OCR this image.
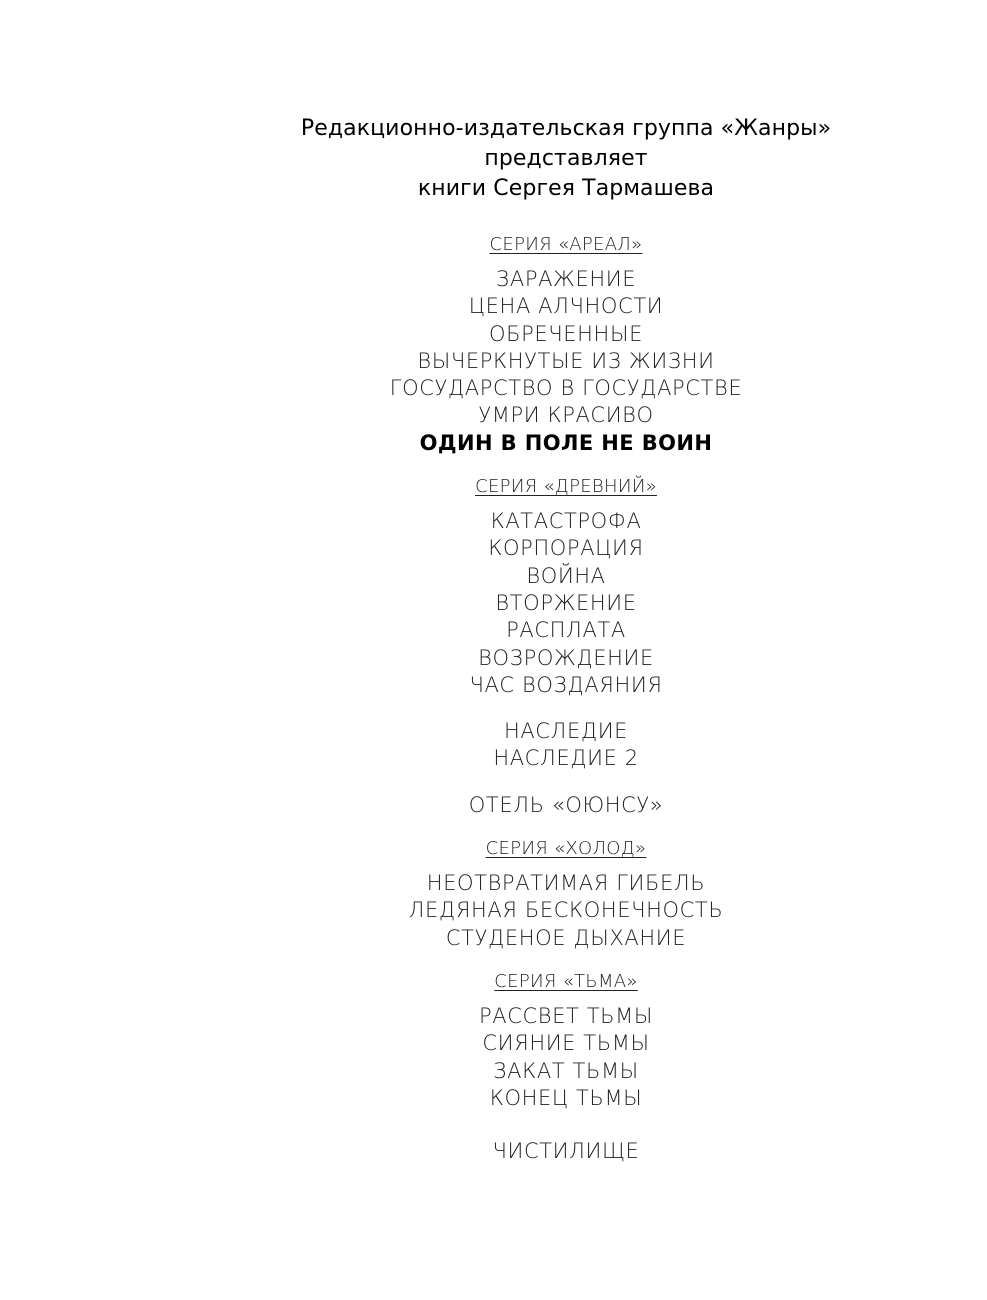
Редакционно-издательская группа «Жанры»
представляет
книги Сергея Тармашева
СЕРИЯ «АРЕАЛ»
ЗАРАЖЕНИЕ
ЦЕНА АЛЧНОСТИ
ОБРЕЧЕННЫЕ
ВЫЧЕРКНУТЫЕ ИЗ ЖИЗНИ
ГОСУДАРСТВО В ГОСУДАРСТВЕ
УМРИ КРАСИВО
ОДИН В ПОЛЕ НЕ ВОИН
СЕРИЯ «ДРЕВНИЙ»
КАТАСТРОФА
КОРПОРАЦИЯ
ВОЙНА
ВТОРЖЕНИЕ
РАСПЛАТА
ВОЗРОЖДЕНИЕ
ЧАС ВОЗДАЯНИЯ
НАСЛЕДИЕ
НАСЛЕДИЕ 2
ОТЕЛЬ «ОЮНСУ»
СЕРИЯ «ХОЛОД»
НЕОТВРАТИМАЯ ГИБЕЛЬ
ЛЕДЯНАЯ БЕСКОНЕЧНОСТЬ
СТУДЕНОЕ ДЫХАНИЕ
СЕРИЯ «ТЬМА»
РАССВЕТ ТЬМЫ
СИЯНИЕ ТЬМЫ
ЗАКАТ ТЬМЫ
КОНЕЦ ТЬМЫ
ЧИСТИЛИЩЕ
